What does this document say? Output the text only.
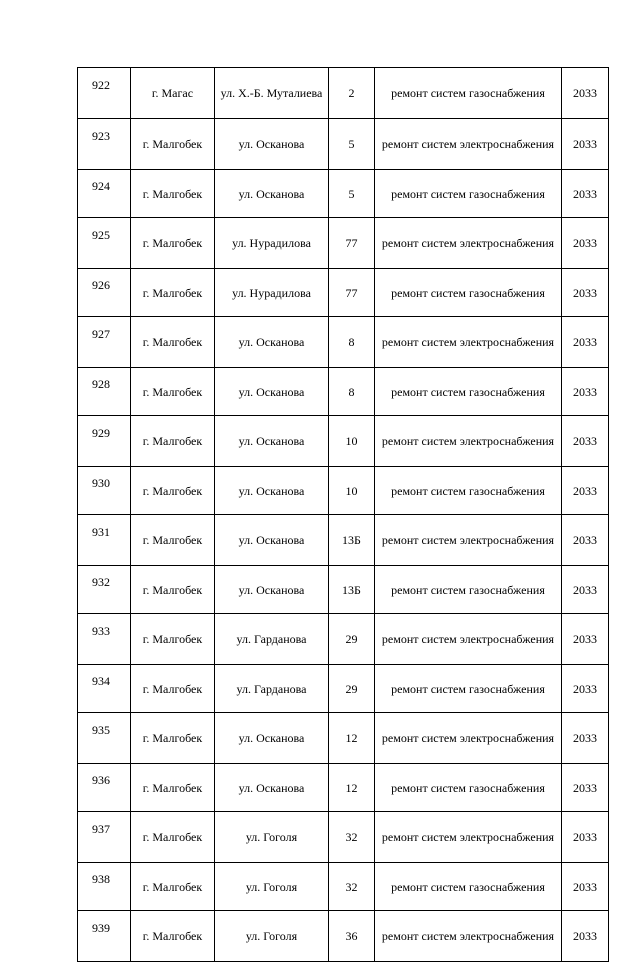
922	г. Магас	ул. Х.-Б. Муталиева	2	ремонт систем газоснабжения	2033
923	г. Малгобек	ул. Осканова	5	ремонт систем электроснабжения	2033
924	г. Малгобек	ул. Осканова	5	ремонт систем газоснабжения	2033
925	г. Малгобек	ул. Нурадилова	77	ремонт систем электроснабжения	2033
926	г. Малгобек	ул. Нурадилова	77	ремонт систем газоснабжения	2033
927	г. Малгобек	ул. Осканова	8	ремонт систем электроснабжения	2033
928	г. Малгобек	ул. Осканова	8	ремонт систем газоснабжения	2033
929	г. Малгобек	ул. Осканова	10	ремонт систем электроснабжения	2033
930	г. Малгобек	ул. Осканова	10	ремонт систем газоснабжения	2033
931	г. Малгобек	ул. Осканова	13Б	ремонт систем электроснабжения	2033
932	г. Малгобек	ул. Осканова	13Б	ремонт систем газоснабжения	2033
933	г. Малгобек	ул. Гарданова	29	ремонт систем электроснабжения	2033
934	г. Малгобек	ул. Гарданова	29	ремонт систем газоснабжения	2033
935	г. Малгобек	ул. Осканова	12	ремонт систем электроснабжения	2033
936	г. Малгобек	ул. Осканова	12	ремонт систем газоснабжения	2033
937	г. Малгобек	ул. Гоголя	32	ремонт систем электроснабжения	2033
938	г. Малгобек	ул. Гоголя	32	ремонт систем газоснабжения	2033
939	г. Малгобек	ул. Гоголя	36	ремонт систем электроснабжения	2033
